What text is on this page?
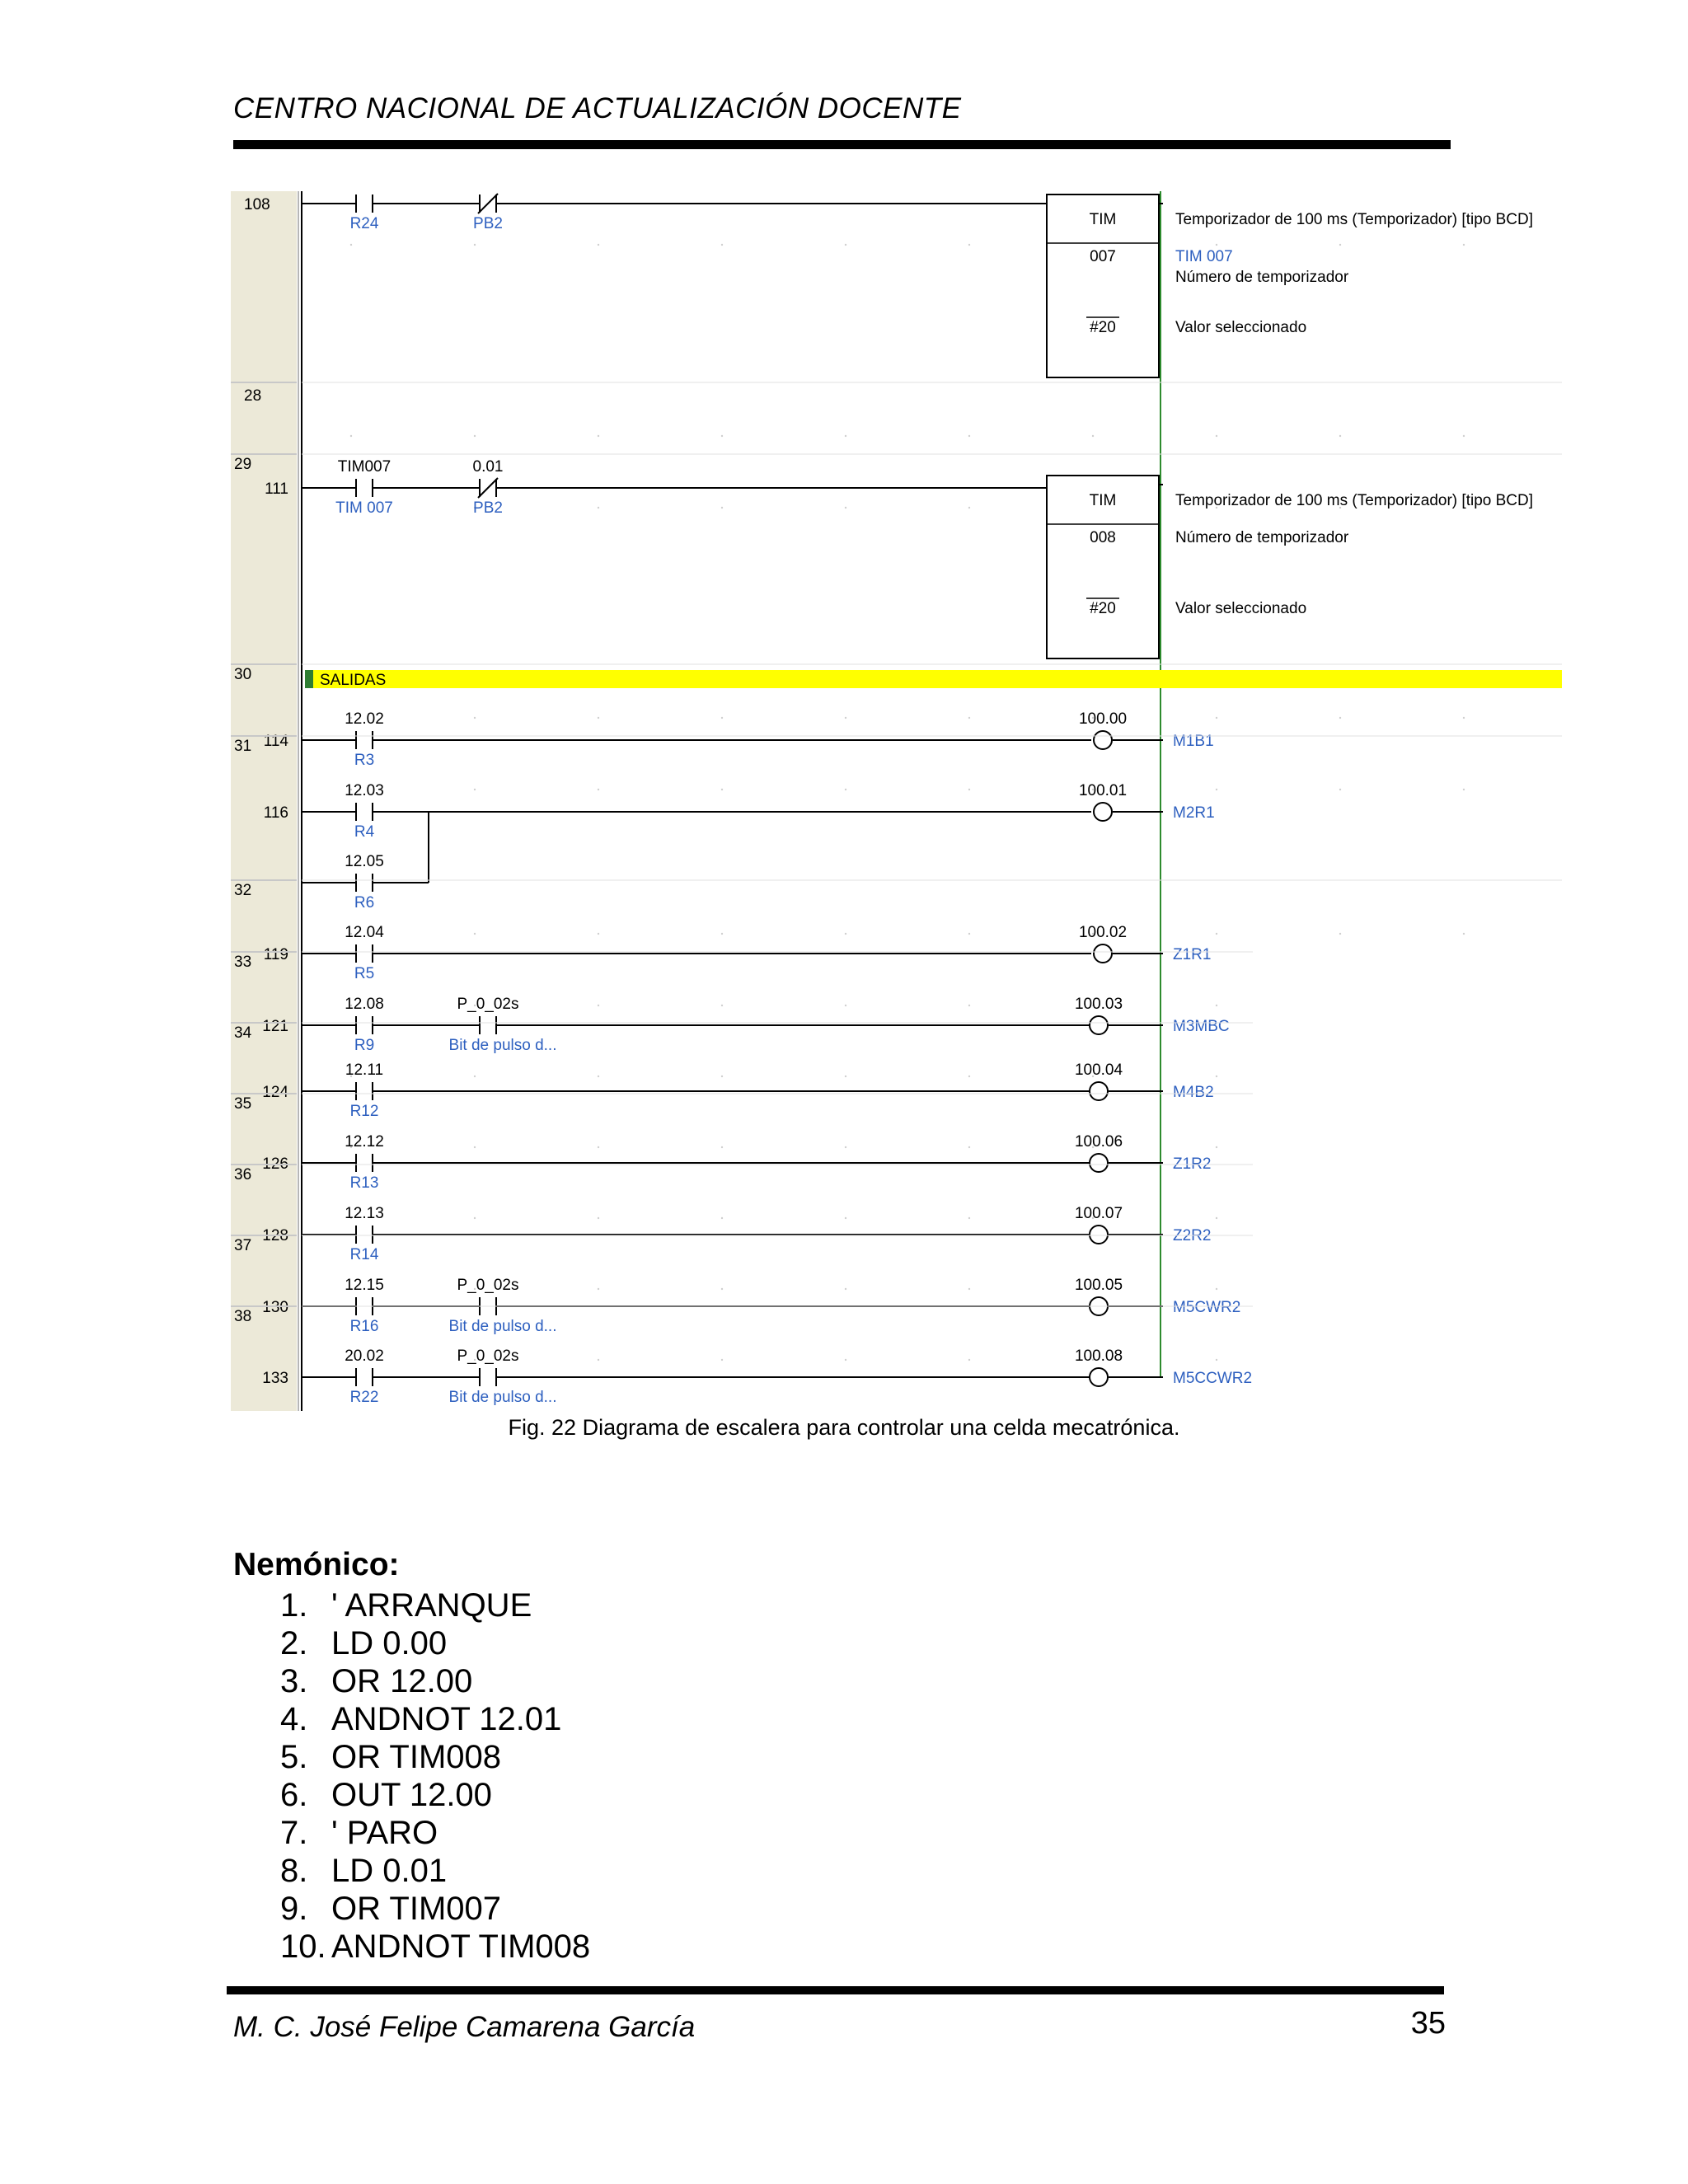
CENTRO NACIONAL DE ACTUALIZACIÓN DOCENTE
108
R24	PB2	TIM
007
#20
Temporizador de 100 ms (Temporizador) [tipo BCD]
TIM 007
Número de temporizador
Valor seleccionado
28
29
111
TIM007
TIM 007
0.01
PB2	TIM
008
#20
Temporizador de 100 ms (Temporizador) [tipo BCD]
Número de temporizador
Valor seleccionado
30
114
SALIDAS
12.02
R3
100.00
M1B1
31
116
12.03
R4
12.05
R6
100.01
M2R1
32
119
12.04
R5
100.02
Z1R1
33
121
12.08
R9
P_0_02s
Bit de pulso d...
100.03
M3MBC
34
124
12.11
R12
100.04
M4B2
35
126
12.12
R13
100.06
Z1R2
36
128
12.13
R14
100.07
Z2R2
37
130
12.15
R16
P_0_02s
Bit de pulso d...
100.05
M5CWR2
38
133
20.02
R22
P_0_02s
Bit de pulso d...
100.08
M5CCWR2
Fig. 22 Diagrama de escalera para controlar una celda mecatrónica.
Nemónico:
1. ' ARRANQUE
2. LD 0.00
3. OR 12.00
4. ANDNOT 12.01
5. OR TIM008
6. OUT 12.00
7. ' PARO
8. LD 0.01
9. OR TIM007
10. ANDNOT TIM008
M. C. José Felipe Camarena García	35
